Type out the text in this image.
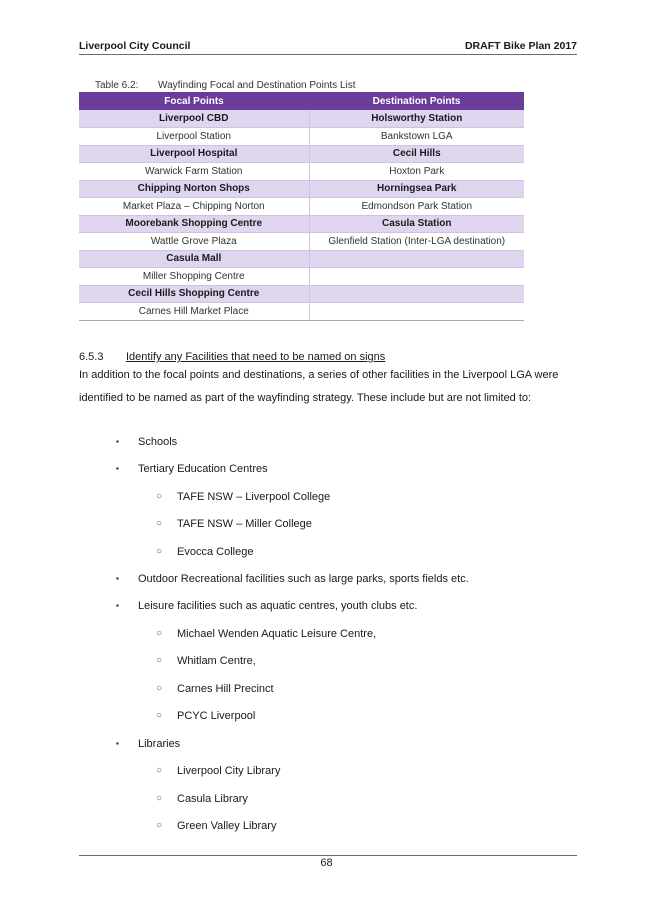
Liverpool City Council	DRAFT Bike Plan 2017
Table 6.2: Wayfinding Focal and Destination Points List
Focal Points	Destination Points
Liverpool CBD	Holsworthy Station
Liverpool Station	Bankstown LGA
Liverpool Hospital	Cecil Hills
Warwick Farm Station	Hoxton Park
Chipping Norton Shops	Horningsea Park
Market Plaza – Chipping Norton	Edmondson Park Station
Moorebank Shopping Centre	Casula Station
Wattle Grove Plaza	Glenfield Station (Inter-LGA destination)
Casula Mall	
Miller Shopping Centre	
Cecil Hills Shopping Centre	
Carnes Hill Market Place	
6.5.3 Identify any Facilities that need to be named on signs

In addition to the focal points and destinations, a series of other facilities in the Liverpool LGA were identified to be named as part of the wayfinding strategy. These include but are not limited to:

▪ Schools
▪ Tertiary Education Centres
○ TAFE NSW – Liverpool College
○ TAFE NSW – Miller College
○ Evocca College
▪ Outdoor Recreational facilities such as large parks, sports fields etc.
▪ Leisure facilities such as aquatic centres, youth clubs etc.
○ Michael Wenden Aquatic Leisure Centre,
○ Whitlam Centre,
○ Carnes Hill Precinct
○ PCYC Liverpool
▪ Libraries
○ Liverpool City Library
○ Casula Library
○ Green Valley Library
68
